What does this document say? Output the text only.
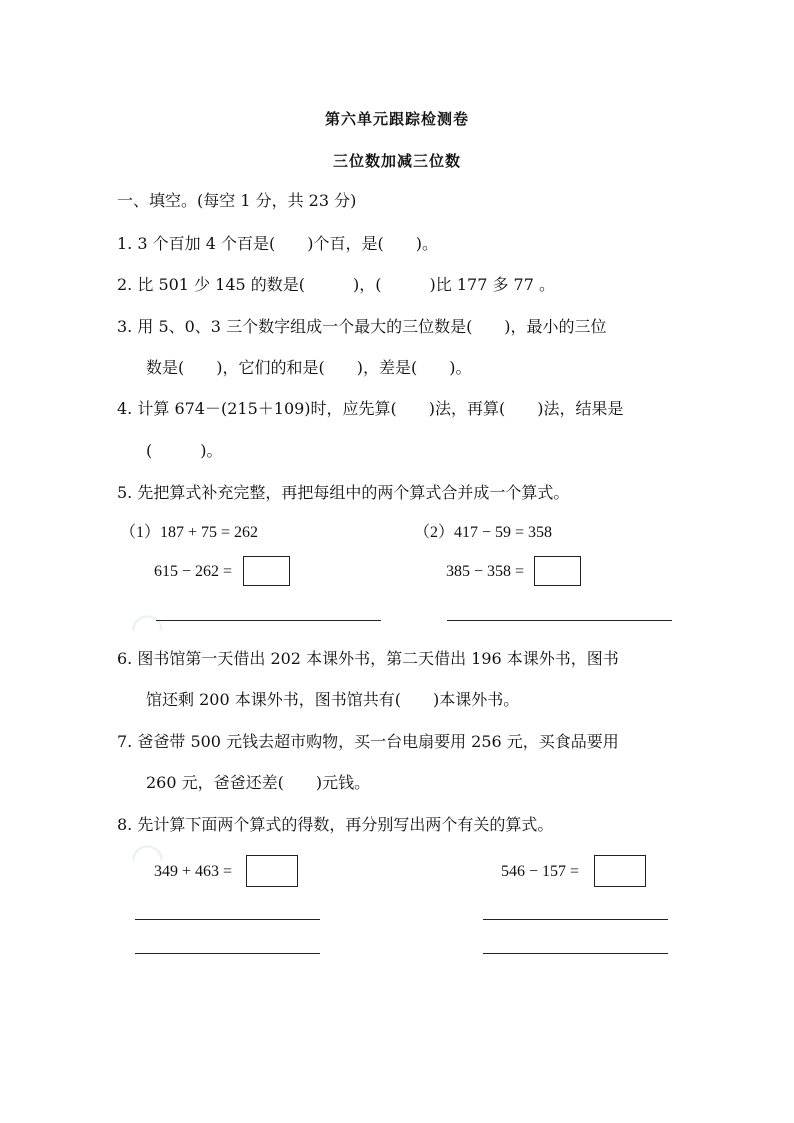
◠
◠
第六单元跟踪检测卷
三位数加减三位数
一、填空。(每空 1 分，共 23 分)
1. 3 个百加 4 个百是(　　)个百，是(　　)。
2. 比 501 少 145 的数是(　　　)，(　　　)比 177 多 77 。
3. 用 5、0、3 三个数字组成一个最大的三位数是(　　)，最小的三位
数是(　　)，它们的和是(　　)，差是(　　)。
4. 计算 674－(215＋109)时，应先算(　　)法，再算(　　)法，结果是
(　　　)。
5. 先把算式补充完整，再把每组中的两个算式合并成一个算式。
（1）187 + 75 = 262
615 − 262 =
（2）417 − 59 = 358
385 − 358 =
6. 图书馆第一天借出 202 本课外书，第二天借出 196 本课外书，图书
馆还剩 200 本课外书，图书馆共有(　　)本课外书。
7. 爸爸带 500 元钱去超市购物，买一台电扇要用 256 元，买食品要用
260 元，爸爸还差(　　)元钱。
8. 先计算下面两个算式的得数，再分别写出两个有关的算式。
349 + 463 =	546 − 157 =
